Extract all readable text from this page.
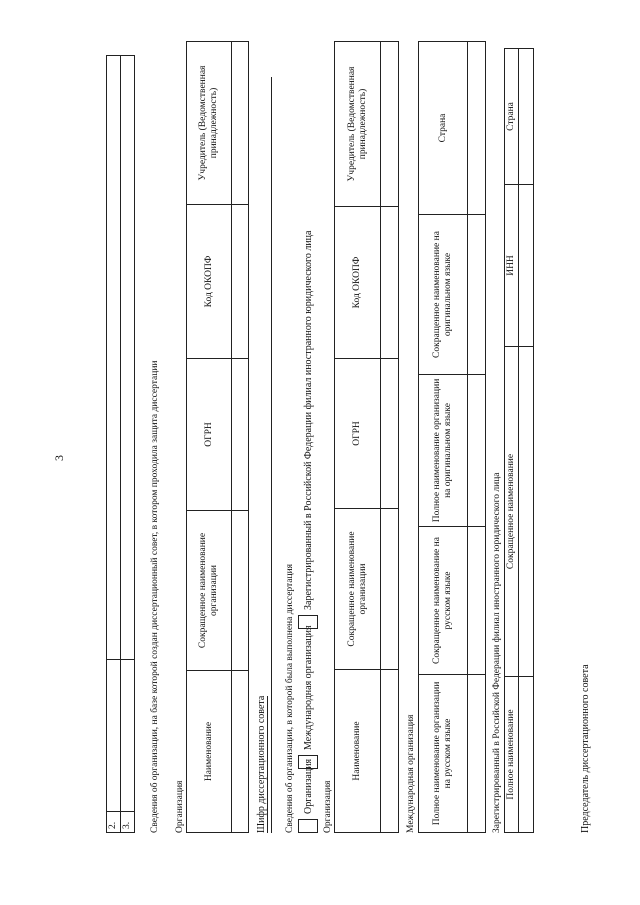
3
2.		
3.		Сведения об организации, на базе которой создан диссертационный совет, в котором проходила защита диссертации Организация
Наименование	Сокращенное наименование организации	ОГРН	Код ОКОПФ	Учредитель (Ведомственная принадлежность)

Шифр диссертационного совета Сведения об организации, в которой была выполнена диссертация Организация
Международная организация
Зарегистрированный в Российской Федерации филиал иностранного юридического лица
Организация
Наименование	Сокращенное наименование организации	ОГРН	Код ОКОПФ	Учредитель (Ведомственная принадлежность)

Международная организация Полное наименование организации на русском языке	Сокращенное наименование на русском языке	Полное наименование организации на оригинальном языке	Сокращенное наименование на оригинальном языке	Страна

Зарегистрированный в Российской Федерации филиал иностранного юридического лица Полное наименование	Сокращенное наименование	ИНН	Страна

Председатель диссертационного совета
